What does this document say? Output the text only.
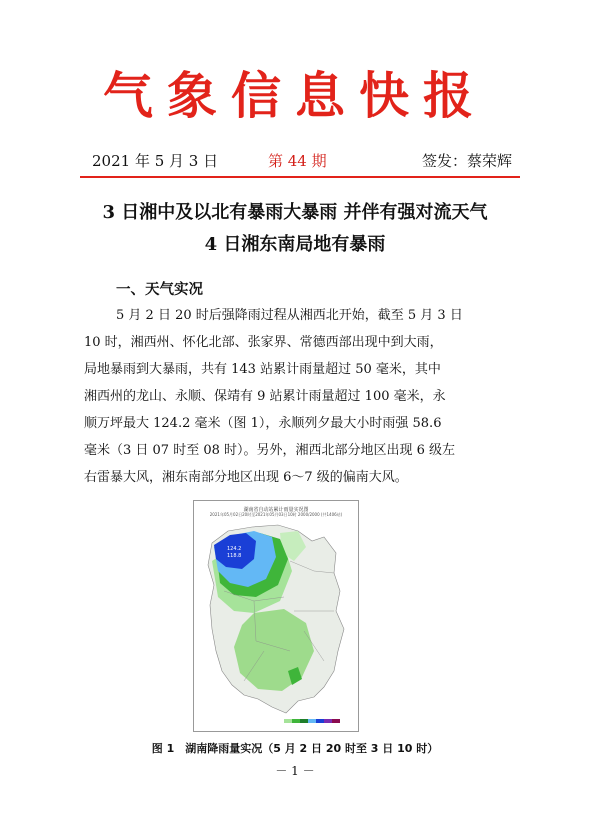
气象信息快报
2021 年 5 月 3 日	第 44 期	签发：蔡荣辉
3 日湘中及以北有暴雨大暴雨 并伴有强对流天气
4 日湘东南局地有暴雨
一、天气实况
5 月 2 日 20 时后强降雨过程从湘西北开始，截至 5 月 3 日
10 时，湘西州、怀化北部、张家界、常德西部出现中到大雨，
局地暴雨到大暴雨，共有 143 站累计雨量超过 50 毫米，其中
湘西州的龙山、永顺、保靖有 9 站累计雨量超过 100 毫米，永
顺万坪最大 124.2 毫米（图 1），永顺列夕最大小时雨强 58.6
毫米（3 日 07 时至 08 时）。另外，湘西北部分地区出现 6 级左
右雷暴大风，湘东南部分地区出现 6～7 级的偏南大风。
124.2
118.8
湖南省自动站累计雨量实况图
2021年05月02日20时至2021年05月03日10时 2000/2000 (共1406站)
图 1　湖南降雨量实况（5 月 2 日 20 时至 3 日 10 时）
－ 1 －
